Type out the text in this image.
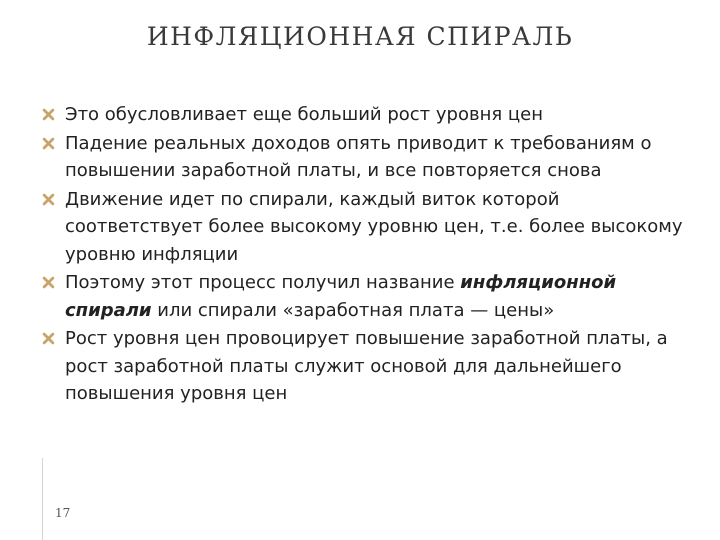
ИНФЛЯЦИОННАЯ СПИРАЛЬ
Это обусловливает еще больший рост уровня цен
Падение реальных доходов опять приводит к требованиям о повышении заработной платы, и все повторяется снова
Движение идет по спирали, каждый виток которой соответствует более высокому уровню цен, т.е. более высокому уровню инфляции
Поэтому этот процесс получил название инфляционной спирали или спирали «заработная плата — цены»
Рост уровня цен провоцирует повышение заработной платы, а рост заработной платы служит основой для дальнейшего повышения уровня цен
17
